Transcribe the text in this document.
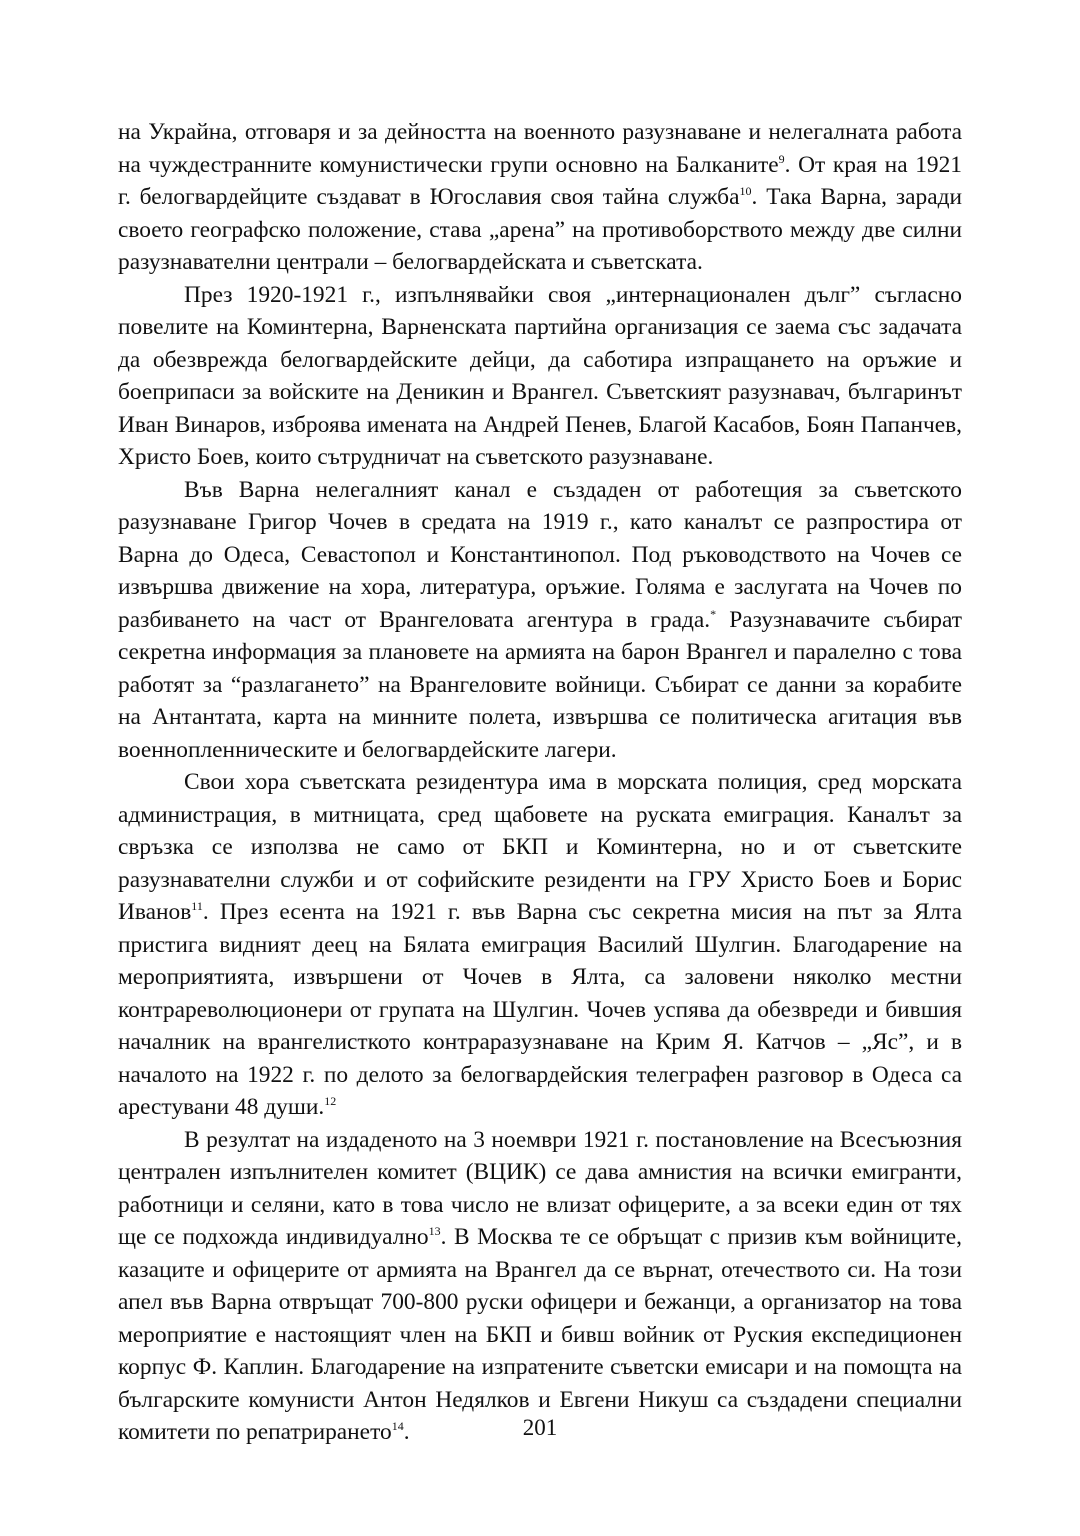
на Украйна, отговаря и за дейността на военното разузнаване и нелегалната работа на чуждестранните комунистически групи основно на Балканите$^9$. От края на 1921 г. белогвардейците създават в Югославия своя тайна служба$^{10}$. Така Варна, заради своето географско положение, става „арена” на противоборството между две силни разузнавателни централи – белогвардейската и съветската.

През 1920-1921 г., изпълнявайки своя „интернационален дълг” съгласно повелите на Коминтерна, Варненската партийна организация се заема със задачата да обезврежда белогвардейските дейци, да саботира изпращането на оръжие и боеприпаси за войските на Деникин и Врангел. Съветският разузнавач, българинът Иван Винаров, изброява имената на Андрей Пенев, Благой Касабов, Боян Папанчев, Христо Боев, които сътрудничат на съветското разузнаване.

Във Варна нелегалният канал е създаден от работещия за съветското разузнаване Григор Чочев в средата на 1919 г., като каналът се разпростира от Варна до Одеса, Севастопол и Константинопол. Под ръководството на Чочев се извършва движение на хора, литература, оръжие. Голяма е заслугата на Чочев по разбиването на част от Врангеловата агентура в града.* Разузнавачите събират секретна информация за плановете на армията на барон Врангел и паралелно с това работят за “разлагането” на Врангеловите войници. Събират се данни за корабите на Антантата, карта на минните полета, извършва се политическа агитация във военнопленническите и белогвардейските лагери.

Свои хора съветската резидентура има в морската полиция, сред морската администрация, в митницата, сред щабовете на руската емиграция. Каналът за свръзка се използва не само от БКП и Коминтерна, но и от съветските разузнавателни служби и от софийските резиденти на ГРУ Христо Боев и Борис Иванов$^{11}$. През есента на 1921 г. във Варна със секретна мисия на път за Ялта пристига видният деец на Бялата емиграция Василий Шулгин. Благодарение на мероприятията, извършени от Чочев в Ялта, са заловени няколко местни контрареволюционери от групата на Шулгин. Чочев успява да обезвреди и бившия началник на врангелисткото контраразузнаване на Крим Я. Катчов – „Яс”, и в началото на 1922 г. по делото за белогвардейския телеграфен разговор в Одеса са арестувани 48 души.$^{12}$

В резултат на издаденото на 3 ноември 1921 г. постановление на Всесъюзния централен изпълнителен комитет (ВЦИК) се дава амнистия на всички емигранти, работници и селяни, като в това число не влизат офицерите, а за всеки един от тях ще се подхожда индивидуално$^{13}$. В Москва те се обръщат с призив към войниците, казаците и офицерите от армията на Врангел да се върнат, отечеството си. На този апел във Варна отвръщат 700-800 руски офицери и бежанци, а организатор на това мероприятие е настоящият член на БКП и бивш войник от Руския експедиционен корпус Ф. Каплин. Благодарение на изпратените съветски емисари и на помощта на българските комунисти Антон Недялков и Евгени Никуш са създадени специални комитети по репатрирането$^{14}$.	201
